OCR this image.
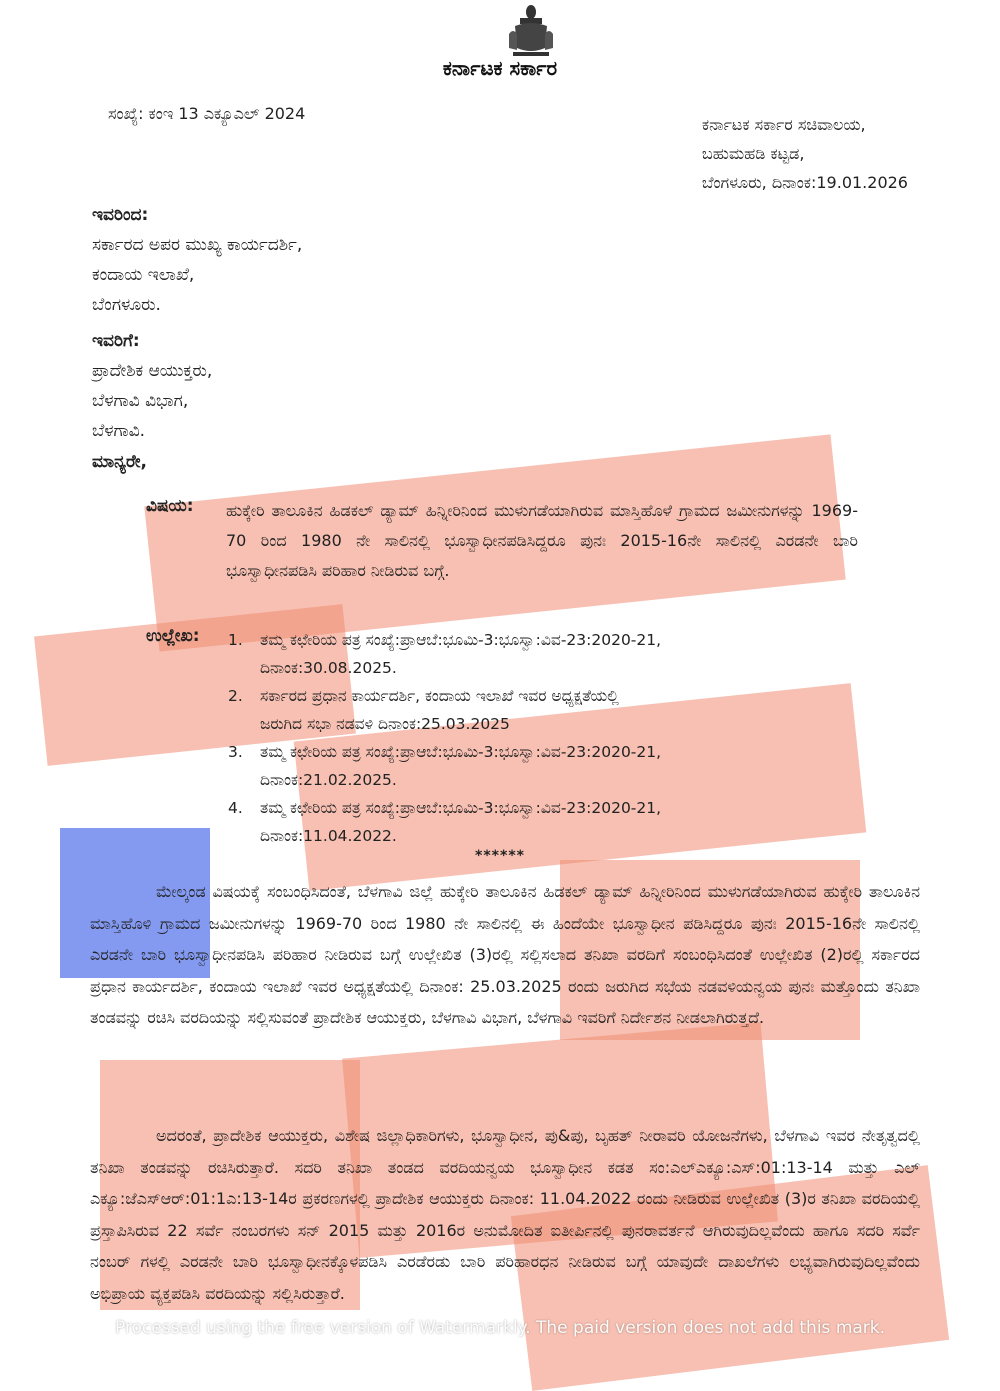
ಕರ್ನಾಟಕ ಸರ್ಕಾರ
ಸಂಖ್ಯೆ: ಕಂಇ 13 ಎಕ್ಯೂಎಲ್ 2024
ಕರ್ನಾಟಕ ಸರ್ಕಾರ ಸಚಿವಾಲಯ,
ಬಹುಮಹಡಿ ಕಟ್ಟಡ,
ಬೆಂಗಳೂರು, ದಿನಾಂಕ:19.01.2026
ಇವರಿಂದ:
ಸರ್ಕಾರದ ಅಪರ ಮುಖ್ಯ ಕಾರ್ಯದರ್ಶಿ,
ಕಂದಾಯ ಇಲಾಖೆ,
ಬೆಂಗಳೂರು.
ಇವರಿಗೆ:
ಪ್ರಾದೇಶಿಕ ಆಯುಕ್ತರು,
ಬೆಳಗಾವಿ ವಿಭಾಗ,
ಬೆಳಗಾವಿ.
ಮಾನ್ಯರೇ,
ವಿಷಯ: ಹುಕ್ಕೇರಿ ತಾಲೂಕಿನ ಹಿಡಕಲ್ ಡ್ಯಾಮ್ ಹಿನ್ನೀರಿನಿಂದ ಮುಳುಗಡೆಯಾಗಿರುವ ಮಾಸ್ತಿಹೊಳೆ ಗ್ರಾಮದ ಜಮೀನುಗಳನ್ನು 1969-70 ರಿಂದ 1980 ನೇ ಸಾಲಿನಲ್ಲಿ ಭೂಸ್ವಾಧೀನಪಡಿಸಿದ್ದರೂ ಪುನಃ 2015-16ನೇ ಸಾಲಿನಲ್ಲಿ ಎರಡನೇ ಬಾರಿ ಭೂಸ್ವಾಧೀನಪಡಿಸಿ ಪರಿಹಾರ ನೀಡಿರುವ ಬಗ್ಗೆ.
ಉಲ್ಲೇಖ: 1.	ತಮ್ಮ ಕಛೇರಿಯ ಪತ್ರ ಸಂಖ್ಯೆ:ಪ್ರಾಆಬೆ:ಭೂಮಿ-3:ಭೂಸ್ವಾ:ವಿವ-23:2020-21,
ದಿನಾಂಕ:30.08.2025.
2.	ಸರ್ಕಾರದ ಪ್ರಧಾನ ಕಾರ್ಯದರ್ಶಿ, ಕಂದಾಯ ಇಲಾಖೆ ಇವರ ಅಧ್ಯಕ್ಷತೆಯಲ್ಲಿ
ಜರುಗಿದ ಸಭಾ ನಡವಳಿ ದಿನಾಂಕ:25.03.2025
3.	ತಮ್ಮ ಕಛೇರಿಯ ಪತ್ರ ಸಂಖ್ಯೆ:ಪ್ರಾಆಬೆ:ಭೂಮಿ-3:ಭೂಸ್ವಾ:ವಿವ-23:2020-21,
ದಿನಾಂಕ:21.02.2025.
4.	ತಮ್ಮ ಕಛೇರಿಯ ಪತ್ರ ಸಂಖ್ಯೆ:ಪ್ರಾಆಬೆ:ಭೂಮಿ-3:ಭೂಸ್ವಾ:ವಿವ-23:2020-21,
ದಿನಾಂಕ:11.04.2022.
******

ಮೇಲ್ಕಂಡ ವಿಷಯಕ್ಕೆ ಸಂಬಂಧಿಸಿದಂತೆ, ಬೆಳಗಾವಿ ಜಿಲ್ಲೆ ಹುಕ್ಕೇರಿ ತಾಲೂಕಿನ ಹಿಡಕಲ್ ಡ್ಯಾಮ್ ಹಿನ್ನೀರಿನಿಂದ ಮುಳುಗಡೆಯಾಗಿರುವ ಹುಕ್ಕೇರಿ ತಾಲೂಕಿನ ಮಾಸ್ತಿಹೊಳಿ ಗ್ರಾಮದ ಜಮೀನುಗಳನ್ನು 1969-70 ರಿಂದ 1980 ನೇ ಸಾಲಿನಲ್ಲಿ ಈ ಹಿಂದೆಯೇ ಭೂಸ್ವಾಧೀನ ಪಡಿಸಿದ್ದರೂ ಪುನಃ 2015-16ನೇ ಸಾಲಿನಲ್ಲಿ ಎರಡನೇ ಬಾರಿ ಭೂಸ್ವಾಧೀನಪಡಿಸಿ ಪರಿಹಾರ ನೀಡಿರುವ ಬಗ್ಗೆ ಉಲ್ಲೇಖಿತ (3)ರಲ್ಲಿ ಸಲ್ಲಿಸಲಾದ ತನಿಖಾ ವರದಿಗೆ ಸಂಬಂಧಿಸಿದಂತೆ ಉಲ್ಲೇಖಿತ (2)ರಲ್ಲಿ ಸರ್ಕಾರದ ಪ್ರಧಾನ ಕಾರ್ಯದರ್ಶಿ, ಕಂದಾಯ ಇಲಾಖೆ ಇವರ ಅಧ್ಯಕ್ಷತೆಯಲ್ಲಿ ದಿನಾಂಕ: 25.03.2025 ರಂದು ಜರುಗಿದ ಸಭೆಯ ನಡವಳಿಯನ್ವಯ ಪುನಃ ಮತ್ತೊಂದು ತನಿಖಾ ತಂಡವನ್ನು ರಚಿಸಿ ವರದಿಯನ್ನು ಸಲ್ಲಿಸುವಂತೆ ಪ್ರಾದೇಶಿಕ ಆಯುಕ್ತರು, ಬೆಳಗಾವಿ ವಿಭಾಗ, ಬೆಳಗಾವಿ ಇವರಿಗೆ ನಿರ್ದೇಶನ ನೀಡಲಾಗಿರುತ್ತದೆ.

ಅದರಂತೆ, ಪ್ರಾದೇಶಿಕ ಆಯುಕ್ತರು, ವಿಶೇಷ ಜಿಲ್ಲಾಧಿಕಾರಿಗಳು, ಭೂಸ್ವಾಧೀನ, ಪು&ಪು, ಬೃಹತ್ ನೀರಾವರಿ ಯೋಜನೆಗಳು, ಬೆಳಗಾವಿ ಇವರ ನೇತೃತ್ವದಲ್ಲಿ ತನಿಖಾ ತಂಡವನ್ನು ರಚಿಸಿರುತ್ತಾರೆ. ಸದರಿ ತನಿಖಾ ತಂಡದ ವರದಿಯನ್ವಯ ಭೂಸ್ವಾಧೀನ ಕಡತ ಸಂ:ಎಲ್‌ಎಕ್ಯೂ:ಎಸ್:01:13-14 ಮತ್ತು ಎಲ್ ಎಕ್ಯೂ:ಜೆಎಸ್‌ಆರ್:01:1ಎ:13-14ರ ಪ್ರಕರಣಗಳಲ್ಲಿ ಪ್ರಾದೇಶಿಕ ಆಯುಕ್ತರು ದಿನಾಂಕ: 11.04.2022 ರಂದು ನೀಡಿರುವ ಉಲ್ಲೇಖಿತ (3)ರ ತನಿಖಾ ವರದಿಯಲ್ಲಿ ಪ್ರಸ್ತಾಪಿಸಿರುವ 22 ಸರ್ವೆ ನಂಬರಗಳು ಸನ್ 2015 ಮತ್ತು 2016ರ ಅನುಮೋದಿತ ಐತೀರ್ಪಿನಲ್ಲಿ ಪುನರಾವರ್ತನೆ ಆಗಿರುವುದಿಲ್ಲವೆಂದು ಹಾಗೂ ಸದರಿ ಸರ್ವೆ ನಂಬರ್ ಗಳಲ್ಲಿ ಎರಡನೇ ಬಾರಿ ಭೂಸ್ವಾಧೀನಕ್ಕೊಳಪಡಿಸಿ ಎರಡೆರಡು ಬಾರಿ ಪರಿಹಾರಧನ ನೀಡಿರುವ ಬಗ್ಗೆ ಯಾವುದೇ ದಾಖಲೆಗಳು ಲಭ್ಯವಾಗಿರುವುದಿಲ್ಲವೆಂದು ಅಭಿಪ್ರಾಯ ವ್ಯಕ್ತಪಡಿಸಿ ವರದಿಯನ್ನು ಸಲ್ಲಿಸಿರುತ್ತಾರೆ.

Processed using the free version of Watermarkly. The paid version does not add this mark.
